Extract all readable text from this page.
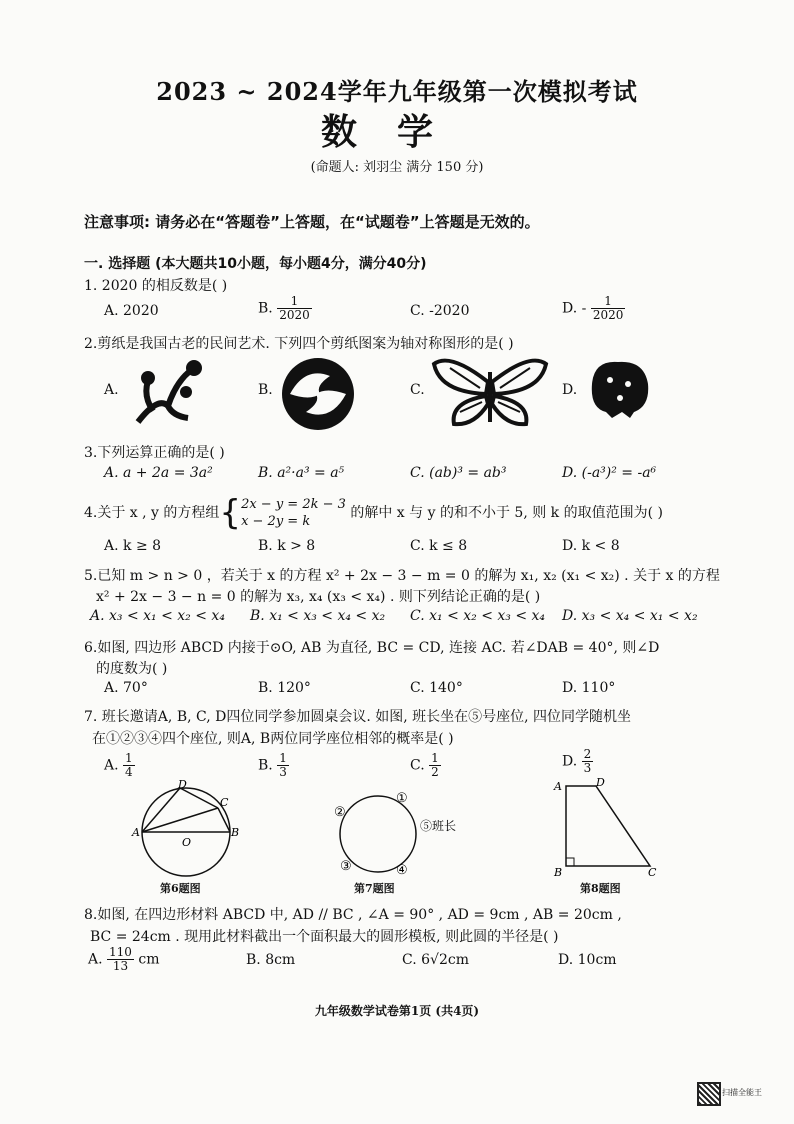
2023 ~ 2024学年九年级第一次模拟考试
数学
(命题人: 刘羽尘 满分 150 分)
注意事项: 请务必在“答题卷”上答题，在“试题卷”上答题是无效的。
一. 选择题 (本大题共10小题，每小题4分，满分40分)
1. 2020 的相反数是( )
A. 2020	B. $\frac{1}{2020}$	C. -2020	D. - $\frac{1}{2020}$
2.剪纸是我国古老的民间艺术. 下列四个剪纸图案为轴对称图形的是( )
A.	B.	C.	D.
3.下列运算正确的是( )
A. a + 2a = 3a²	B. a²·a³ = a⁵	C. (ab)³ = ab³	D. (-a³)² = -a⁶
4.关于 x , y 的方程组{2x − y = 2k − 3
x − 2y = k 的解中 x 与 y 的和不小于 5, 则 k 的取值范围为( )
A. k ≥ 8	B. k > 8	C. k ≤ 8	D. k < 8
5.已知 m > n > 0 ，若关于 x 的方程 x² + 2x − 3 − m = 0 的解为 x₁, x₂ (x₁ < x₂) . 关于 x 的方程
x² + 2x − 3 − n = 0 的解为 x₃, x₄ (x₃ < x₄) . 则下列结论正确的是( )
A. x₃ < x₁ < x₂ < x₄ B. x₁ < x₃ < x₄ < x₂ C. x₁ < x₂ < x₃ < x₄ D. x₃ < x₄ < x₁ < x₂
6.如图, 四边形 ABCD 内接于⊙O, AB 为直径, BC = CD, 连接 AC. 若∠DAB = 40°, 则∠D
的度数为( )
A. 70°	B. 120°	C. 140°	D. 110°
7. 班长邀请A, B, C, D四位同学参加圆桌会议. 如图, 班长坐在⑤号座位, 四位同学随机坐
在①②③④四个座位, 则A, B两位同学座位相邻的概率是( )
A. $\frac{1}{4}$	B. $\frac{1}{3}$	C. $\frac{1}{2}$	D. $\frac{2}{3}$
D
C
A
O
B
第6题图
②
①
⑤班长
③	④
第7题图
A	D
B	C
第8题图
8.如图, 在四边形材料 ABCD 中, AD // BC , ∠A = 90° , AD = 9cm , AB = 20cm ,
BC = 24cm . 现用此材料截出一个面积最大的圆形模板, 则此圆的半径是( )
A. $\frac{110}{13}$ cm	B. 8cm	C. 6√2cm	D. 10cm
九年级数学试卷第1页 (共4页)
扫描全能王
